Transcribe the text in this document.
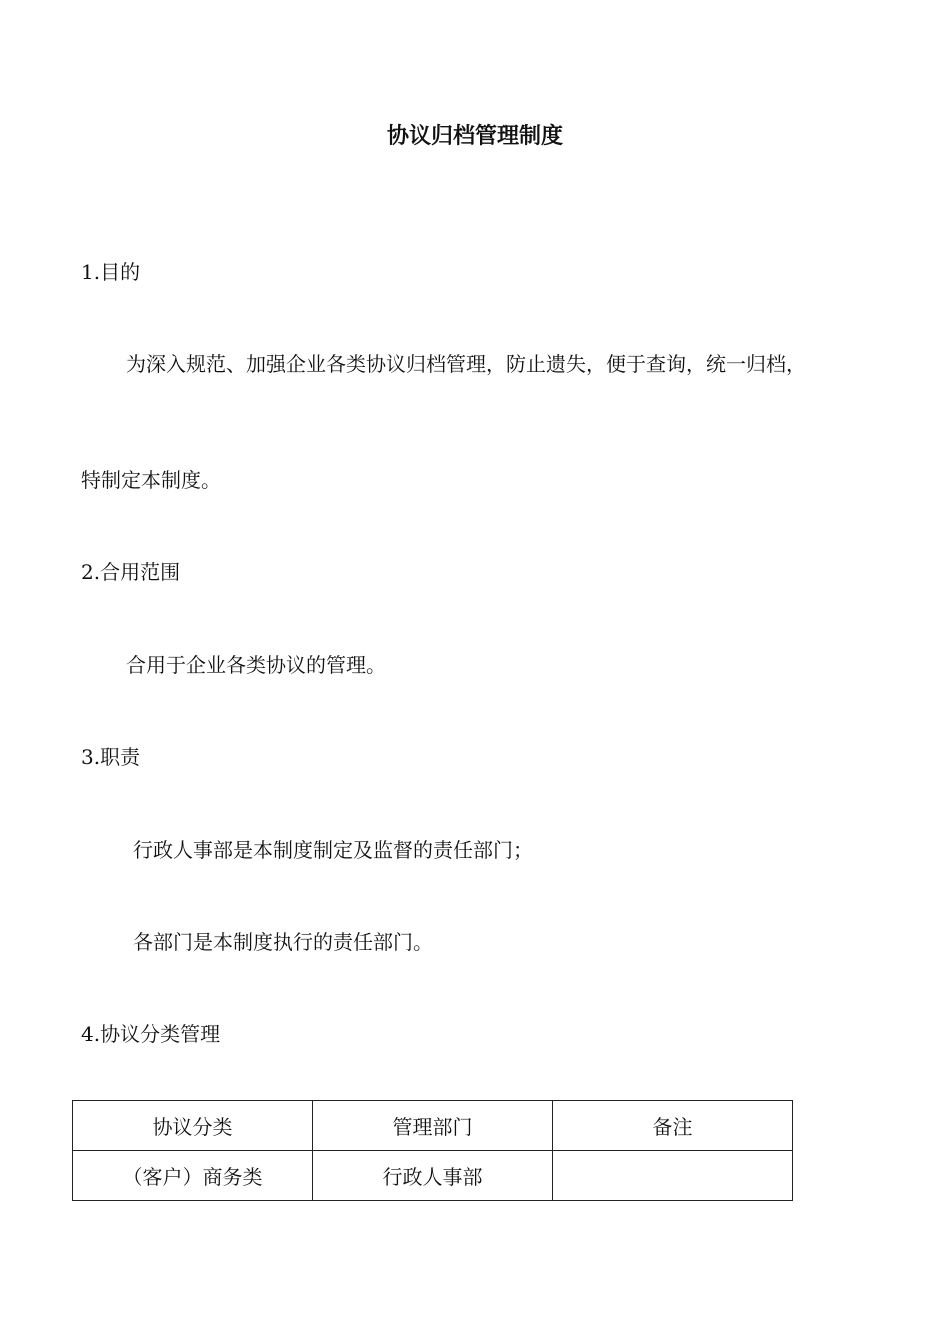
协议归档管理制度
1.目的
为深入规范、加强企业各类协议归档管理，防止遗失，便于查询，统一归档，
特制定本制度。
2.合用范围
合用于企业各类协议的管理。
3.职责
行政人事部是本制度制定及监督的责任部门；
各部门是本制度执行的责任部门。
4.协议分类管理
协议分类	管理部门	备注
（客户）商务类	行政人事部	
